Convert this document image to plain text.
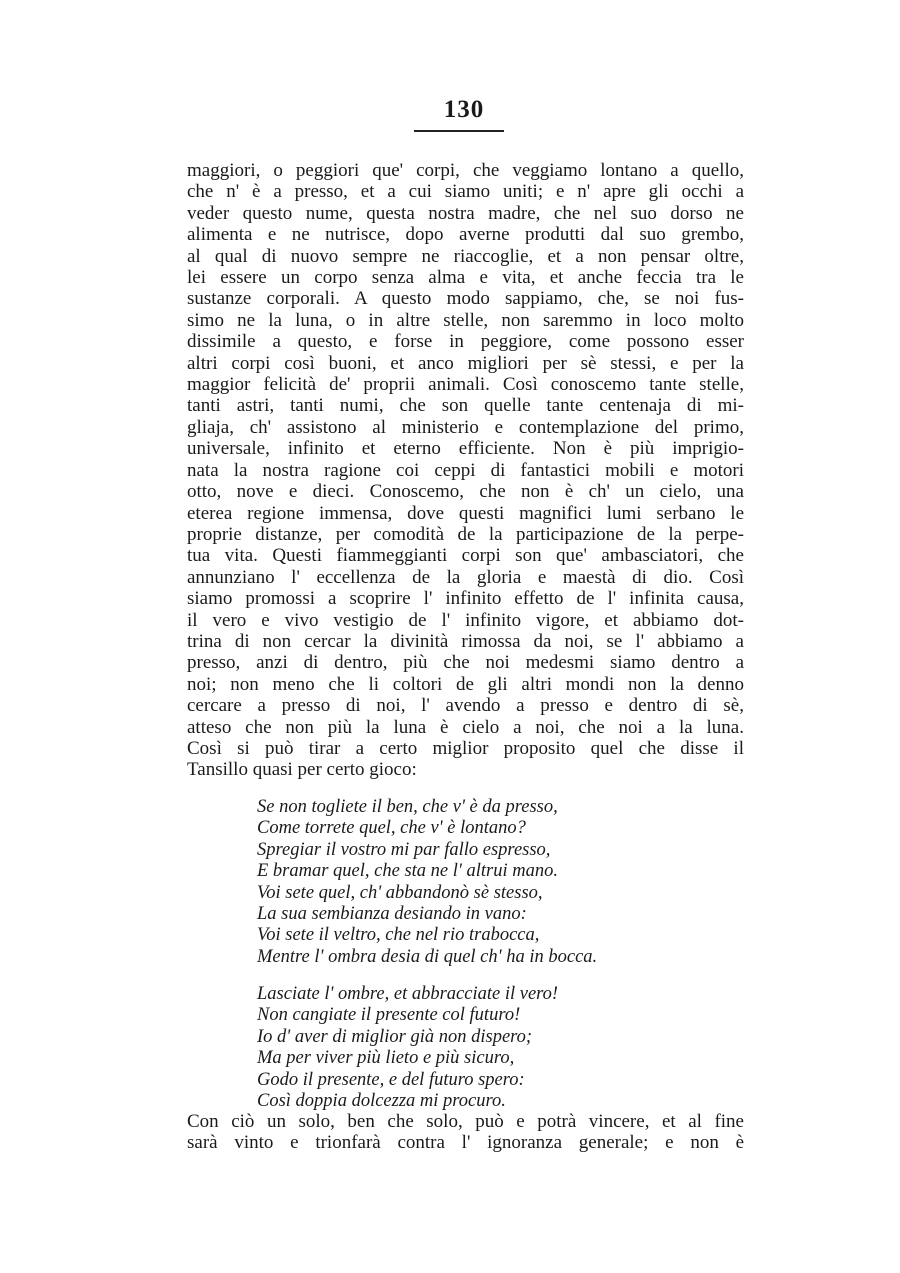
130
maggiori, o peggiori que' corpi, che veggiamo lontano a quello,
che n' è a presso, et a cui siamo uniti; e n' apre gli occhi a
veder questo nume, questa nostra madre, che nel suo dorso ne
alimenta e ne nutrisce, dopo averne produtti dal suo grembo,
al qual di nuovo sempre ne riaccoglie, et a non pensar oltre,
lei essere un corpo senza alma e vita, et anche feccia tra le
sustanze corporali. A questo modo sappiamo, che, se noi fus-
simo ne la luna, o in altre stelle, non saremmo in loco molto
dissimile a questo, e forse in peggiore, come possono esser
altri corpi così buoni, et anco migliori per sè stessi, e per la
maggior felicità de' proprii animali. Così conoscemo tante stelle,
tanti astri, tanti numi, che son quelle tante centenaja di mi-
gliaja, ch' assistono al ministerio e contemplazione del primo,
universale, infinito et eterno efficiente. Non è più imprigio-
nata la nostra ragione coi ceppi di fantastici mobili e motori
otto, nove e dieci. Conoscemo, che non è ch' un cielo, una
eterea regione immensa, dove questi magnifici lumi serbano le
proprie distanze, per comodità de la participazione de la perpe-
tua vita. Questi fiammeggianti corpi son que' ambasciatori, che
annunziano l' eccellenza de la gloria e maestà di dio. Così
siamo promossi a scoprire l' infinito effetto de l' infinita causa,
il vero e vivo vestigio de l' infinito vigore, et abbiamo dot-
trina di non cercar la divinità rimossa da noi, se l' abbiamo a
presso, anzi di dentro, più che noi medesmi siamo dentro a
noi; non meno che li coltori de gli altri mondi non la denno
cercare a presso di noi, l' avendo a presso e dentro di sè,
atteso che non più la luna è cielo a noi, che noi a la luna.
Così si può tirar a certo miglior proposito quel che disse il
Tansillo quasi per certo gioco:
Se non togliete il ben, che v' è da presso,
Come torrete quel, che v' è lontano?
Spregiar il vostro mi par fallo espresso,
E bramar quel, che sta ne l' altrui mano.
Voi sete quel, ch' abbandonò sè stesso,
La sua sembianza desiando in vano:
Voi sete il veltro, che nel rio trabocca,
Mentre l' ombra desia di quel ch' ha in bocca.
Lasciate l' ombre, et abbracciate il vero!
Non cangiate il presente col futuro!
Io d' aver di miglior già non dispero;
Ma per viver più lieto e più sicuro,
Godo il presente, e del futuro spero:
Così doppia dolcezza mi procuro.
Con ciò un solo, ben che solo, può e potrà vincere, et al fine
sarà vinto e trionfarà contra l' ignoranza generale; e non è
